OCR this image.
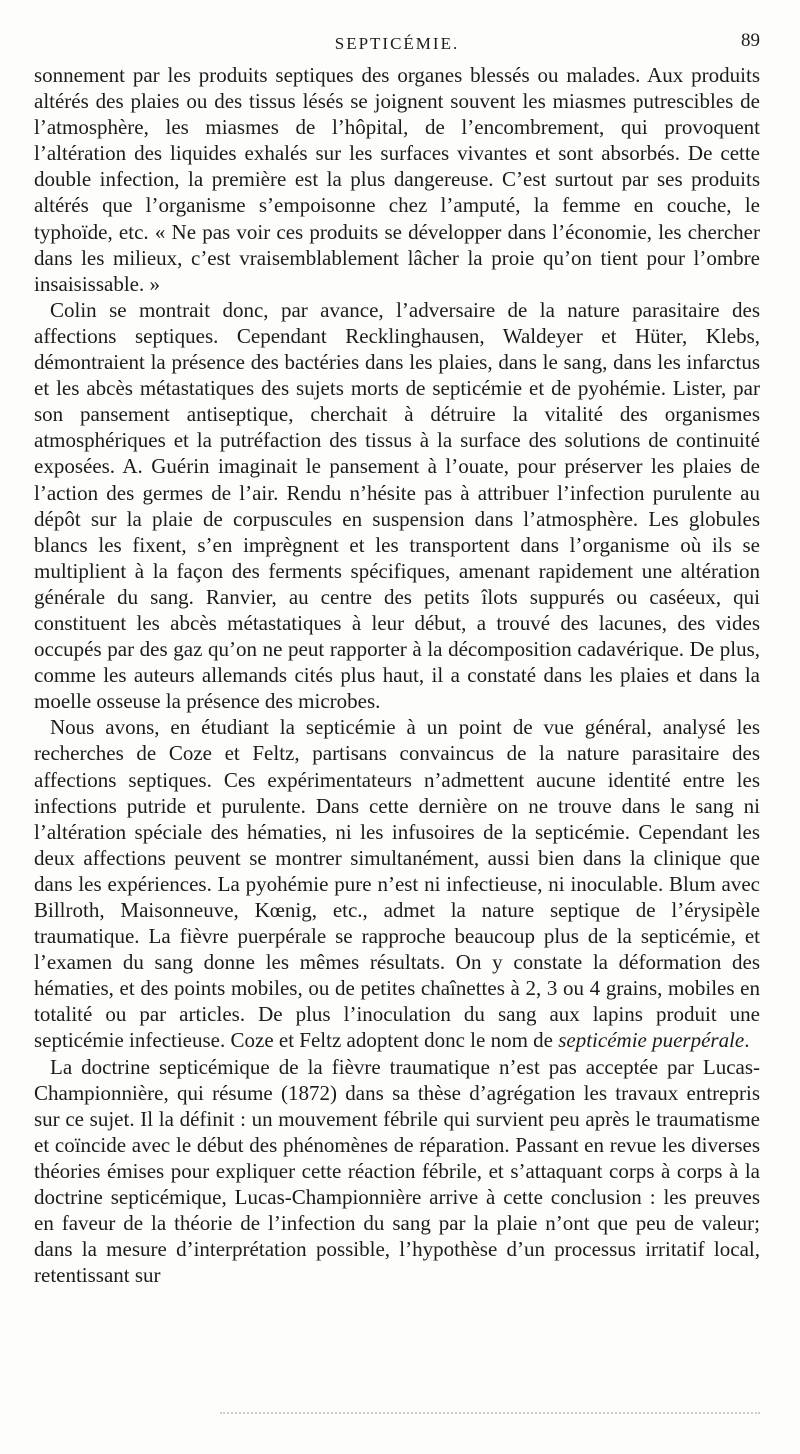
SEPTICÉMIE.	89

sonnement par les produits septiques des organes blessés ou malades. Aux produits altérés des plaies ou des tissus lésés se joignent souvent les miasmes putrescibles de l’atmosphère, les miasmes de l’hôpital, de l’encombrement, qui provoquent l’altération des liquides exhalés sur les surfaces vivantes et sont absorbés. De cette double infection, la première est la plus dangereuse. C’est surtout par ses produits altérés que l’organisme s’empoisonne chez l’amputé, la femme en couche, le typhoïde, etc. « Ne pas voir ces produits se développer dans l’économie, les chercher dans les milieux, c’est vraisemblablement lâcher la proie qu’on tient pour l’ombre insaisissable. »

Colin se montrait donc, par avance, l’adversaire de la nature parasitaire des affections septiques. Cependant Recklinghausen, Waldeyer et Hüter, Klebs, démontraient la présence des bactéries dans les plaies, dans le sang, dans les infarctus et les abcès métastatiques des sujets morts de septicémie et de pyohémie. Lister, par son pansement antiseptique, cherchait à détruire la vitalité des organismes atmosphériques et la putréfaction des tissus à la surface des solutions de continuité exposées. A. Guérin imaginait le pansement à l’ouate, pour préserver les plaies de l’action des germes de l’air. Rendu n’hésite pas à attribuer l’infection purulente au dépôt sur la plaie de corpuscules en suspension dans l’atmosphère. Les globules blancs les fixent, s’en imprègnent et les transportent dans l’organisme où ils se multiplient à la façon des ferments spécifiques, amenant rapidement une altération générale du sang. Ranvier, au centre des petits îlots suppurés ou caséeux, qui constituent les abcès métastatiques à leur début, a trouvé des lacunes, des vides occupés par des gaz qu’on ne peut rapporter à la décomposition cadavérique. De plus, comme les auteurs allemands cités plus haut, il a constaté dans les plaies et dans la moelle osseuse la présence des microbes.

Nous avons, en étudiant la septicémie à un point de vue général, analysé les recherches de Coze et Feltz, partisans convaincus de la nature parasitaire des affections septiques. Ces expérimentateurs n’admettent aucune identité entre les infections putride et purulente. Dans cette dernière on ne trouve dans le sang ni l’altération spéciale des hématies, ni les infusoires de la septicémie. Cependant les deux affections peuvent se montrer simultanément, aussi bien dans la clinique que dans les expériences. La pyohémie pure n’est ni infectieuse, ni inoculable. Blum avec Billroth, Maisonneuve, Kœnig, etc., admet la nature septique de l’érysipèle traumatique. La fièvre puerpérale se rapproche beaucoup plus de la septicémie, et l’examen du sang donne les mêmes résultats. On y constate la déformation des hématies, et des points mobiles, ou de petites chaînettes à 2, 3 ou 4 grains, mobiles en totalité ou par articles. De plus l’inoculation du sang aux lapins produit une septicémie infectieuse. Coze et Feltz adoptent donc le nom de septicémie puerpérale.

La doctrine septicémique de la fièvre traumatique n’est pas acceptée par Lucas-Championnière, qui résume (1872) dans sa thèse d’agrégation les travaux entrepris sur ce sujet. Il la définit : un mouvement fébrile qui survient peu après le traumatisme et coïncide avec le début des phénomènes de réparation. Passant en revue les diverses théories émises pour expliquer cette réaction fébrile, et s’attaquant corps à corps à la doctrine septicémique, Lucas-Championnière arrive à cette conclusion : les preuves en faveur de la théorie de l’infection du sang par la plaie n’ont que peu de valeur; dans la mesure d’interprétation possible, l’hypothèse d’un processus irritatif local, retentissant sur
